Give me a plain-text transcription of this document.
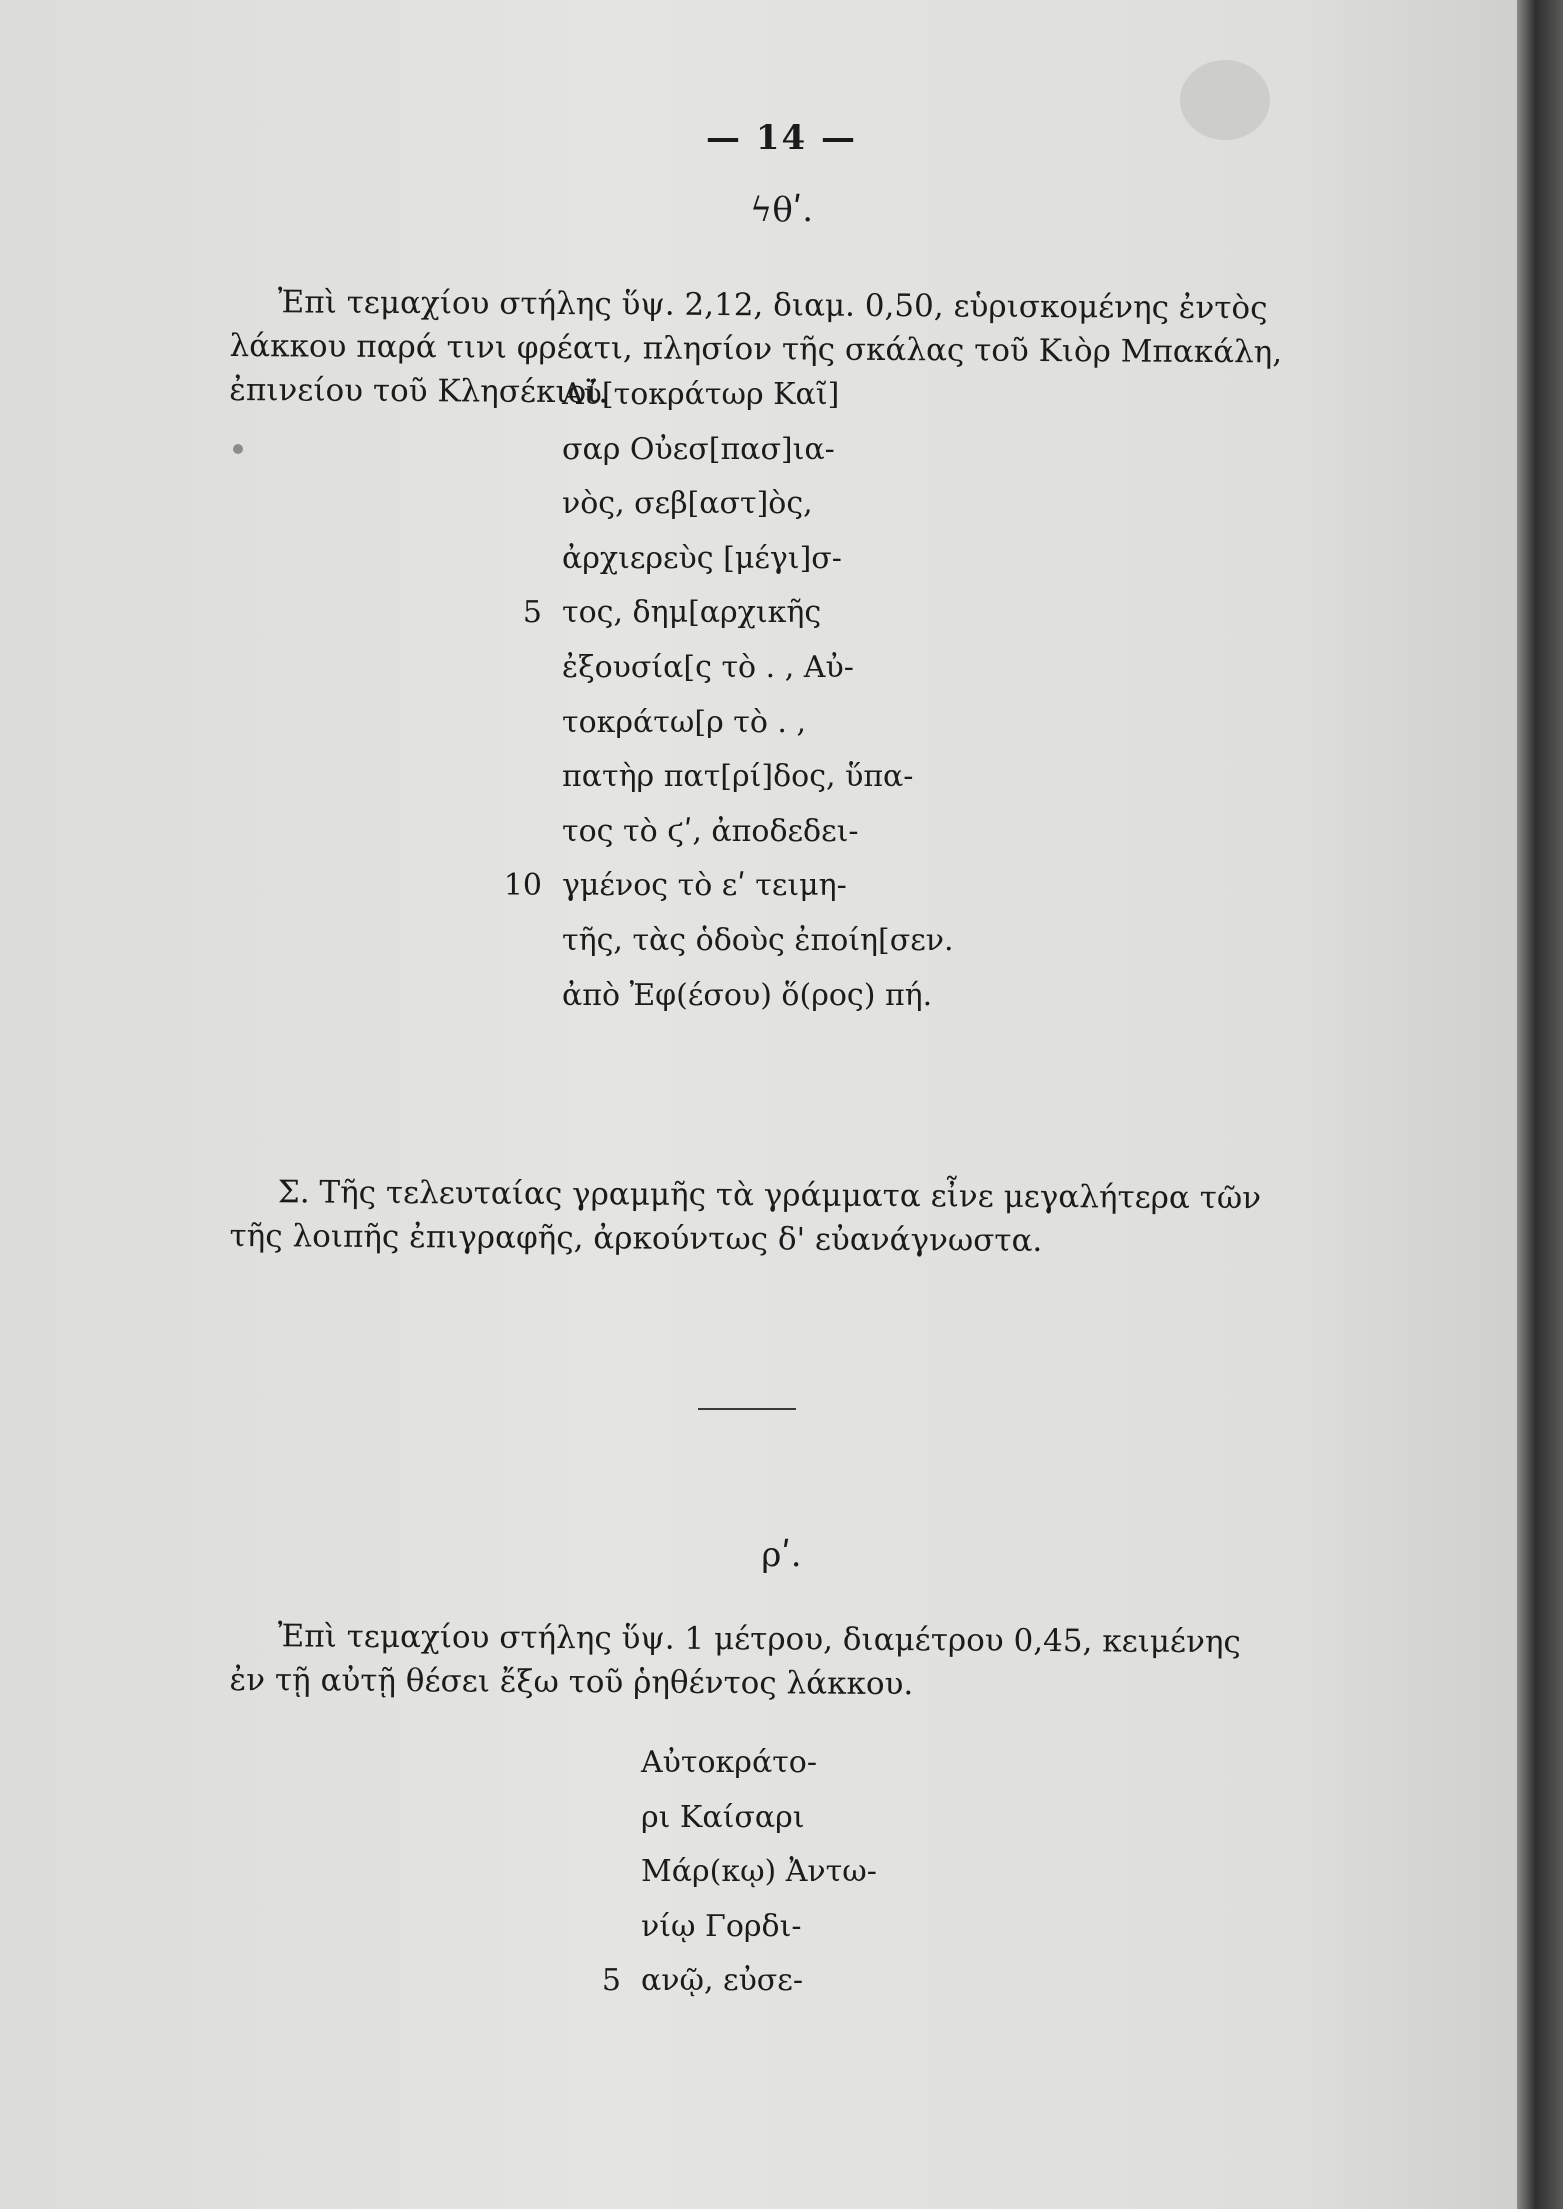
— 14 —
ϟθʹ.

Ἐπὶ τεμαχίου στήλης ὕψ. 2,12, διαμ. 0,50, εὑρισκομένης ἐντὸς
λάκκου παρά τινι φρέατι, πλησίον τῆς σκάλας τοῦ Κιὸρ Μπακάλη,
ἐπινείου τοῦ Κλησέκιοϊ.

Αὐ[τοκράτωρ Καῖ]
σαρ Οὐεσ[πασ]ια-
νὸς, σεβ[αστ]ὸς,
ἀρχιερεὺς [μέγι]σ-
5 τος, δημ[αρχικῆς
ἐξουσία[ς τὸ . , Αὐ-
τοκράτω[ρ τὸ . ,
πατὴρ πατ[ρί]δος, ὕπα-
τος τὸ ϛʹ, ἀποδεδει-
10 γμένος τὸ εʹ τειμη-
τῆς, τὰς ὁδοὺς ἐποίη[σεν.
ἀπὸ Ἐφ(έσου) ὅ(ρος) πή.

Σ. Τῆς τελευταίας γραμμῆς τὰ γράμματα εἶνε μεγαλήτερα τῶν
τῆς λοιπῆς ἐπιγραφῆς, ἀρκούντως δ' εὐανάγνωστα.

ρʹ.

Ἐπὶ τεμαχίου στήλης ὕψ. 1 μέτρου, διαμέτρου 0,45, κειμένης
ἐν τῇ αὐτῇ θέσει ἔξω τοῦ ῥηθέντος λάκκου.

Αὐτοκράτο-
ρι Καίσαρι
Μάρ(κῳ) Ἀντω-
νίῳ Γορδι-
5 ανῷ, εὐσε-
